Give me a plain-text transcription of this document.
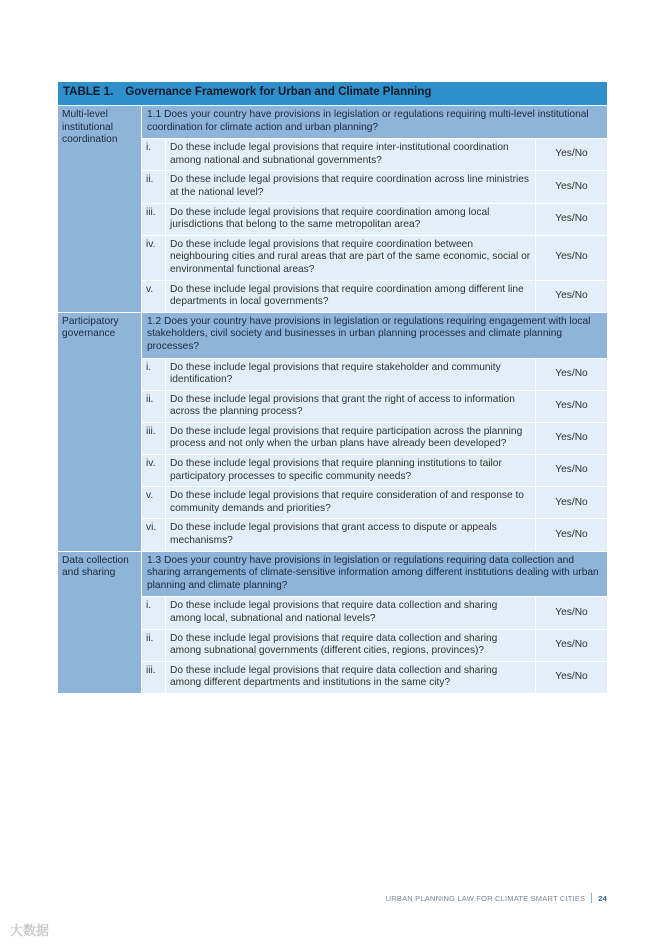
TABLE 1. Governance Framework for Urban and Climate Planning			
Multi-level institutional coordination	1.1 Does your country have provisions in legislation or regulations requiring multi-level institutional coordination for climate action and urban planning?		
	i.	Do these include legal provisions that require inter-institutional coordination among national and subnational governments?	Yes/No
	ii.	Do these include legal provisions that require coordination across line ministries at the national level?	Yes/No
	iii.	Do these include legal provisions that require coordination among local jurisdictions that belong to the same metropolitan area?	Yes/No
	iv.	Do these include legal provisions that require coordination between neighbouring cities and rural areas that are part of the same economic, social or environmental functional areas?	Yes/No
	v.	Do these include legal provisions that require coordination among different line departments in local governments?	Yes/No
Participatory governance	1.2 Does your country have provisions in legislation or regulations requiring engagement with local stakeholders, civil society and businesses in urban planning processes and climate planning processes?		
	i.	Do these include legal provisions that require stakeholder and community identification?	Yes/No
	ii.	Do these include legal provisions that grant the right of access to information across the planning process?	Yes/No
	iii.	Do these include legal provisions that require participation across the planning process and not only when the urban plans have already been developed?	Yes/No
	iv.	Do these include legal provisions that require planning institutions to tailor participatory processes to specific community needs?	Yes/No
	v.	Do these include legal provisions that require consideration of and response to community demands and priorities?	Yes/No
	vi.	Do these include legal provisions that grant access to dispute or appeals mechanisms?	Yes/No
Data collection and sharing	1.3 Does your country have provisions in legislation or regulations requiring data collection and sharing arrangements of climate-sensitive information among different institutions dealing with urban planning and climate planning?		
	i.	Do these include legal provisions that require data collection and sharing among local, subnational and national levels?	Yes/No
	ii.	Do these include legal provisions that require data collection and sharing among subnational governments (different cities, regions, provinces)?	Yes/No
	iii.	Do these include legal provisions that require data collection and sharing among different departments and institutions in the same city?	Yes/No
URBAN PLANNING LAW FOR CLIMATE SMART CITIES 24
大数据
